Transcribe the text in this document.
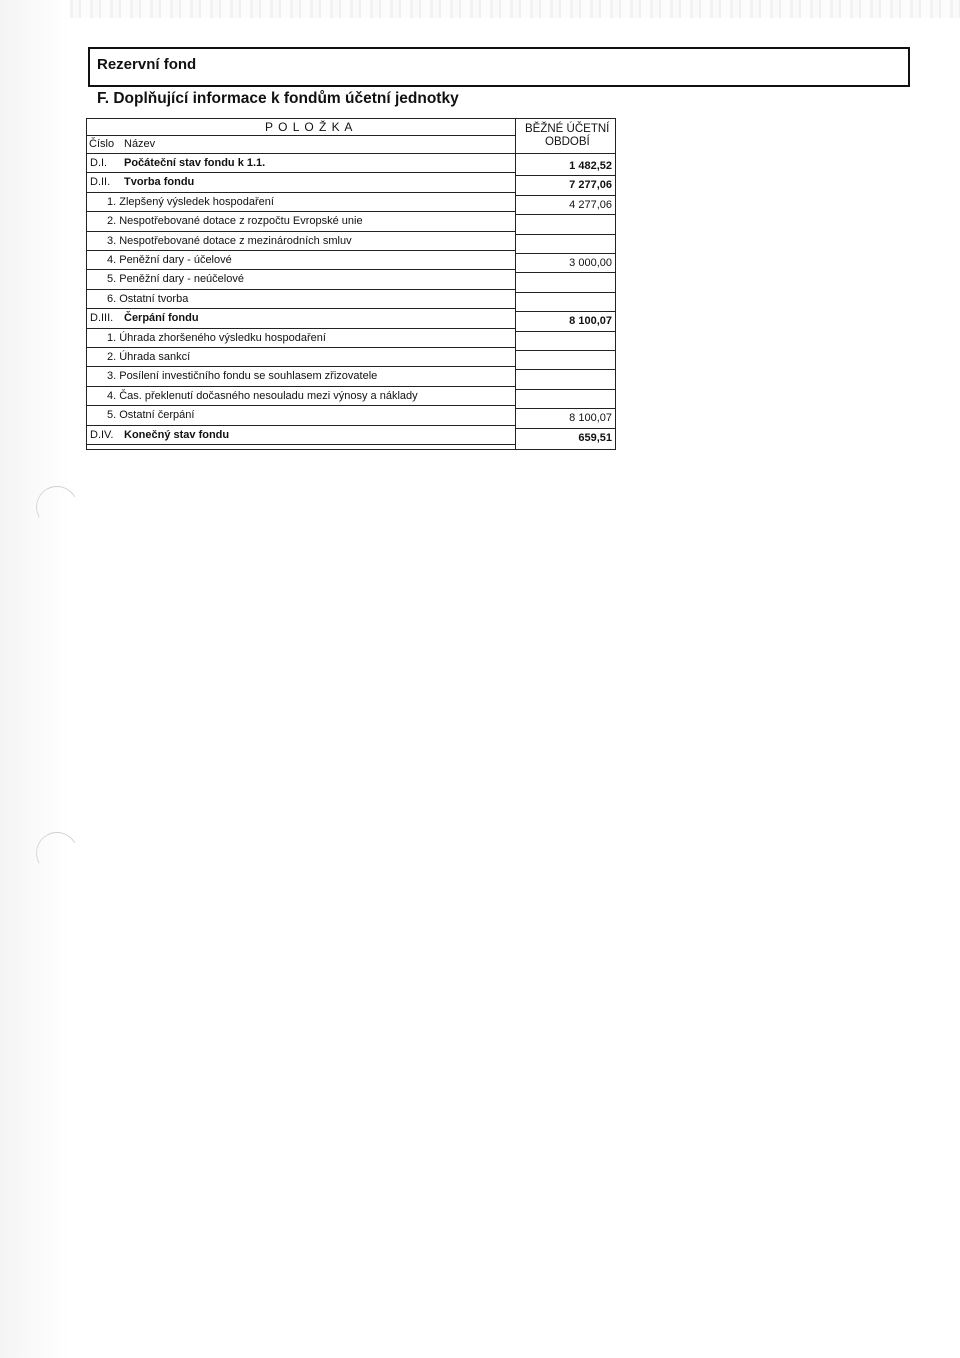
Rezervní fond
F. Doplňující informace k fondům účetní jednotky
P O L O Ž K A
Číslo Název
BĚŽNÉ ÚČETNÍ
OBDOBÍ
D.I. Počáteční stav fondu k 1.1.	1 482,52
D.II. Tvorba fondu	7 277,06
1. Zlepšený výsledek hospodaření	4 277,06
2. Nespotřebované dotace z rozpočtu Evropské unie
3. Nespotřebované dotace z mezinárodních smluv
4. Peněžní dary - účelové	3 000,00
5. Peněžní dary - neúčelové
6. Ostatní tvorba
D.III. Čerpání fondu	8 100,07
1. Úhrada zhoršeného výsledku hospodaření
2. Úhrada sankcí
3. Posílení investičního fondu se souhlasem zřizovatele
4. Čas. překlenutí dočasného nesouladu mezi výnosy a náklady
5. Ostatní čerpání	8 100,07
D.IV. Konečný stav fondu	659,51
